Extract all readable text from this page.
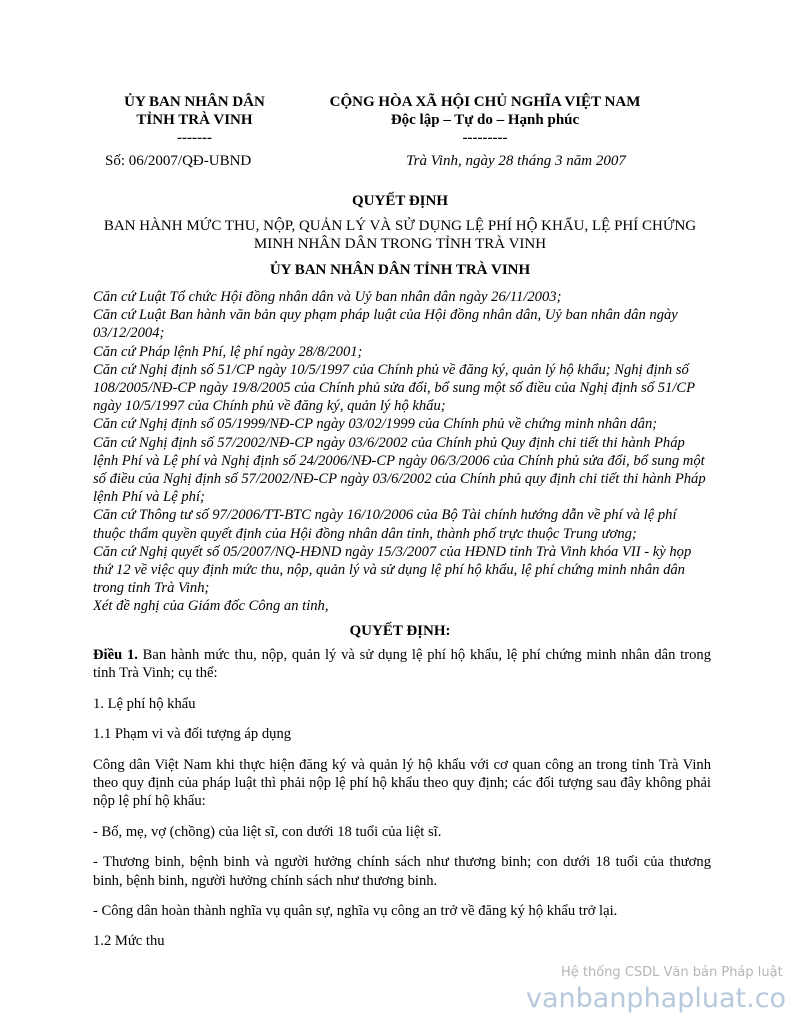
ỦY BAN NHÂN DÂN
TỈNH TRÀ VINH
-------
Số: 06/2007/QĐ-UBND
CỘNG HÒA XÃ HỘI CHỦ NGHĨA VIỆT NAM
Độc lập – Tự do – Hạnh phúc
---------
Trà Vinh, ngày 28 tháng 3 năm 2007
QUYẾT ĐỊNH
BAN HÀNH MỨC THU, NỘP, QUẢN LÝ VÀ SỬ DỤNG LỆ PHÍ HỘ KHẨU, LỆ PHÍ CHỨNG MINH NHÂN DÂN TRONG TỈNH TRÀ VINH
ỦY BAN NHÂN DÂN TỈNH TRÀ VINH

Căn cứ Luật Tổ chức Hội đồng nhân dân và Uỷ ban nhân dân ngày 26/11/2003;

Căn cứ Luật Ban hành văn bản quy phạm pháp luật của Hội đồng nhân dân, Uỷ ban nhân dân ngày 03/12/2004;

Căn cứ Pháp lệnh Phí, lệ phí ngày 28/8/2001;

Căn cứ Nghị định số 51/CP ngày 10/5/1997 của Chính phủ về đăng ký, quản lý hộ khẩu; Nghị định số 108/2005/NĐ-CP ngày 19/8/2005 của Chính phủ sửa đổi, bổ sung một số điều của Nghị định số 51/CP ngày 10/5/1997 của Chính phủ về đăng ký, quản lý hộ khẩu;

Căn cứ Nghị định số 05/1999/NĐ-CP ngày 03/02/1999 của Chính phủ về chứng minh nhân dân;

Căn cứ Nghị định số 57/2002/NĐ-CP ngày 03/6/2002 của Chính phủ Quy định chi tiết thi hành Pháp lệnh Phí và Lệ phí và Nghị định số 24/2006/NĐ-CP ngày 06/3/2006 của Chính phủ sửa đổi, bổ sung một số điều của Nghị định số 57/2002/NĐ-CP ngày 03/6/2002 của Chính phủ quy định chi tiết thi hành Pháp lệnh Phí và Lệ phí;

Căn cứ Thông tư số 97/2006/TT-BTC ngày 16/10/2006 của Bộ Tài chính hướng dẫn về phí và lệ phí thuộc thẩm quyền quyết định của Hội đồng nhân dân tỉnh, thành phố trực thuộc Trung ương;

Căn cứ Nghị quyết số 05/2007/NQ-HĐND ngày 15/3/2007 của HĐND tỉnh Trà Vinh khóa VII - kỳ họp thứ 12 về việc quy định mức thu, nộp, quản lý và sử dụng lệ phí hộ khẩu, lệ phí chứng minh nhân dân trong tỉnh Trà Vinh;

Xét đề nghị của Giám đốc Công an tỉnh,

QUYẾT ĐỊNH:

Điều 1. Ban hành mức thu, nộp, quản lý và sử dụng lệ phí hộ khẩu, lệ phí chứng minh nhân dân trong tỉnh Trà Vinh; cụ thể:

1. Lệ phí hộ khẩu

1.1 Phạm vi và đối tượng áp dụng

Công dân Việt Nam khi thực hiện đăng ký và quản lý hộ khẩu với cơ quan công an trong tỉnh Trà Vinh theo quy định của pháp luật thì phải nộp lệ phí hộ khẩu theo quy định; các đối tượng sau đây không phải nộp lệ phí hộ khẩu:

- Bố, mẹ, vợ (chồng) của liệt sĩ, con dưới 18 tuổi của liệt sĩ.

- Thương binh, bệnh binh và người hưởng chính sách như thương binh; con dưới 18 tuổi của thương binh, bệnh binh, người hưởng chính sách như thương binh.

- Công dân hoàn thành nghĩa vụ quân sự, nghĩa vụ công an trở về đăng ký hộ khẩu trở lại.

1.2 Mức thu

Hệ thống CSDL Văn bản Pháp luật
vanbanphapluat.co
